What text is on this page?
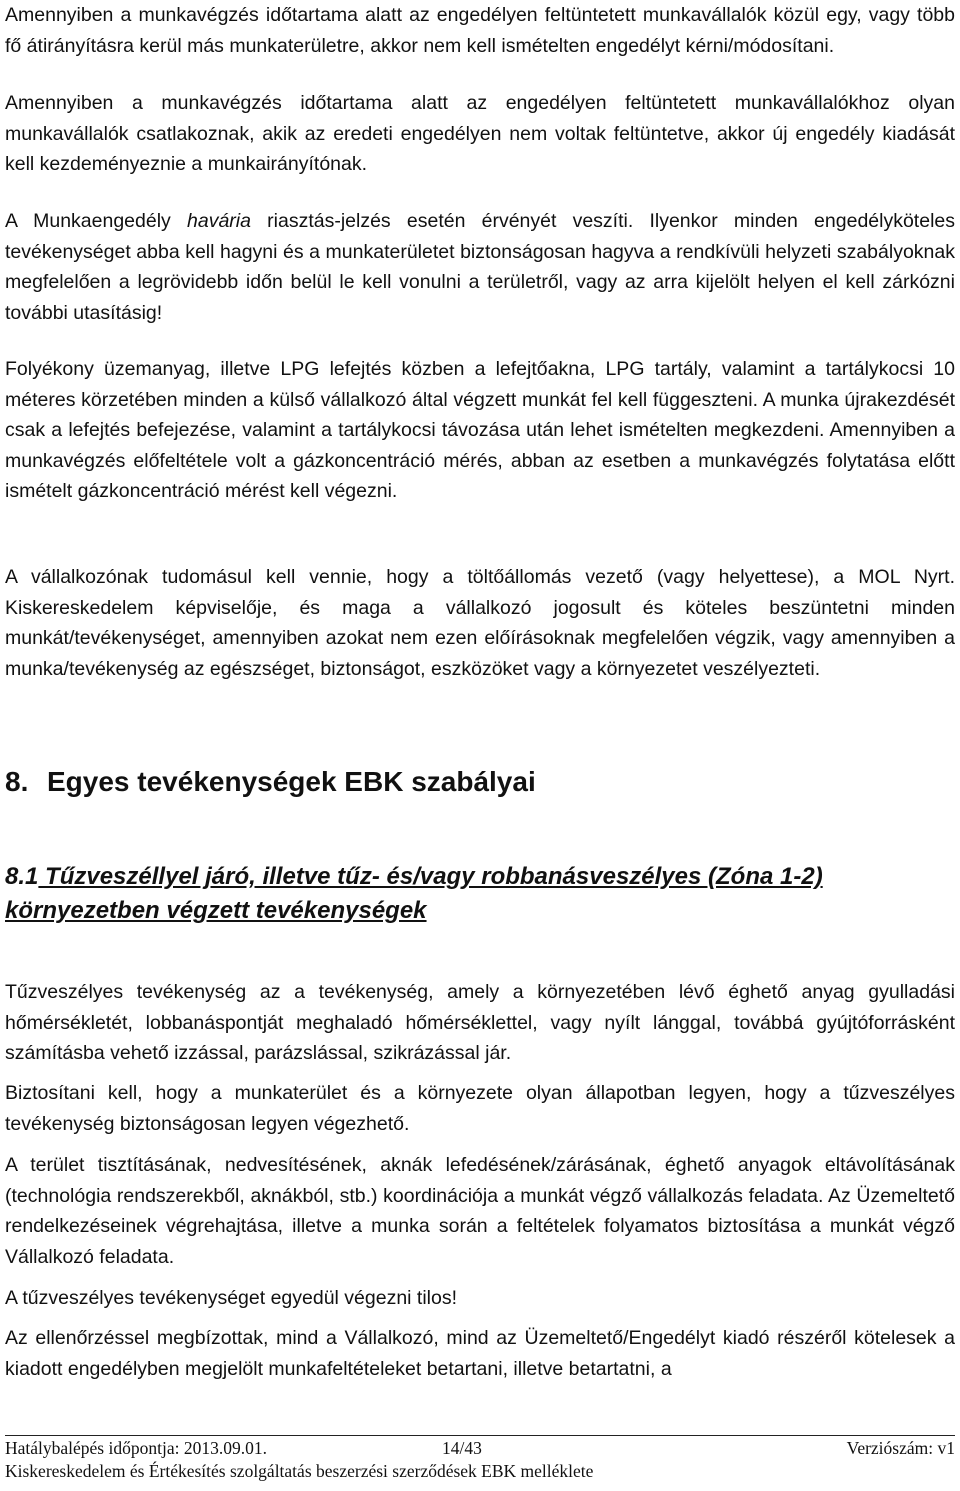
Amennyiben a munkavégzés időtartama alatt az engedélyen feltüntetett munkavállalók közül egy, vagy több fő átirányításra kerül más munkaterületre, akkor nem kell ismételten engedélyt kérni/módosítani.

Amennyiben a munkavégzés időtartama alatt az engedélyen feltüntetett munkavállalókhoz olyan munkavállalók csatlakoznak, akik az eredeti engedélyen nem voltak feltüntetve, akkor új engedély kiadását kell kezdeményeznie a munkairányítónak.

A Munkaengedély havária riasztás-jelzés esetén érvényét veszíti. Ilyenkor minden engedélyköteles tevékenységet abba kell hagyni és a munkaterületet biztonságosan hagyva a rendkívüli helyzeti szabályoknak megfelelően a legrövidebb időn belül le kell vonulni a területről, vagy az arra kijelölt helyen el kell zárkózni további utasításig!

Folyékony üzemanyag, illetve LPG lefejtés közben a lefejtőakna, LPG tartály, valamint a tartálykocsi 10 méteres körzetében minden a külső vállalkozó által végzett munkát fel kell függeszteni. A munka újrakezdését csak a lefejtés befejezése, valamint a tartálykocsi távozása után lehet ismételten megkezdeni. Amennyiben a munkavégzés előfeltétele volt a gázkoncentráció mérés, abban az esetben a munkavégzés folytatása előtt ismételt gázkoncentráció mérést kell végezni.

A vállalkozónak tudomásul kell vennie, hogy a töltőállomás vezető (vagy helyettese), a MOL Nyrt. Kiskereskedelem képviselője, és maga a vállalkozó jogosult és köteles beszüntetni minden munkát/tevékenységet, amennyiben azokat nem ezen előírásoknak megfelelően végzik, vagy amennyiben a munka/tevékenység az egészséget, biztonságot, eszközöket vagy a környezetet veszélyezteti.

8. Egyes tevékenységek EBK szabályai
8.1 Tűzveszéllyel járó, illetve tűz- és/vagy robbanásveszélyes (Zóna 1-2) környezetben végzett tevékenységek

Tűzveszélyes tevékenység az a tevékenység, amely a környezetében lévő éghető anyag gyulladási hőmérsékletét, lobbanáspontját meghaladó hőmérséklettel, vagy nyílt lánggal, továbbá gyújtóforrásként számításba vehető izzással, parázslással, szikrázással jár.

Biztosítani kell, hogy a munkaterület és a környezete olyan állapotban legyen, hogy a tűzveszélyes tevékenység biztonságosan legyen végezhető.

A terület tisztításának, nedvesítésének, aknák lefedésének/zárásának, éghető anyagok eltávolításának (technológia rendszerekből, aknákból, stb.) koordinációja a munkát végző vállalkozás feladata. Az Üzemeltető rendelkezéseinek végrehajtása, illetve a munka során a feltételek folyamatos biztosítása a munkát végző Vállalkozó feladata.

A tűzveszélyes tevékenységet egyedül végezni tilos!

Az ellenőrzéssel megbízottak, mind a Vállalkozó, mind az Üzemeltető/Engedélyt kiadó részéről kötelesek a kiadott engedélyben megjelölt munkafeltételeket betartani, illetve betartatni, a

Hatálybalépés időpontja: 2013.09.01.	14/43	Verziószám: v1
Kiskereskedelem és Értékesítés szolgáltatás beszerzési szerződések EBK melléklete
